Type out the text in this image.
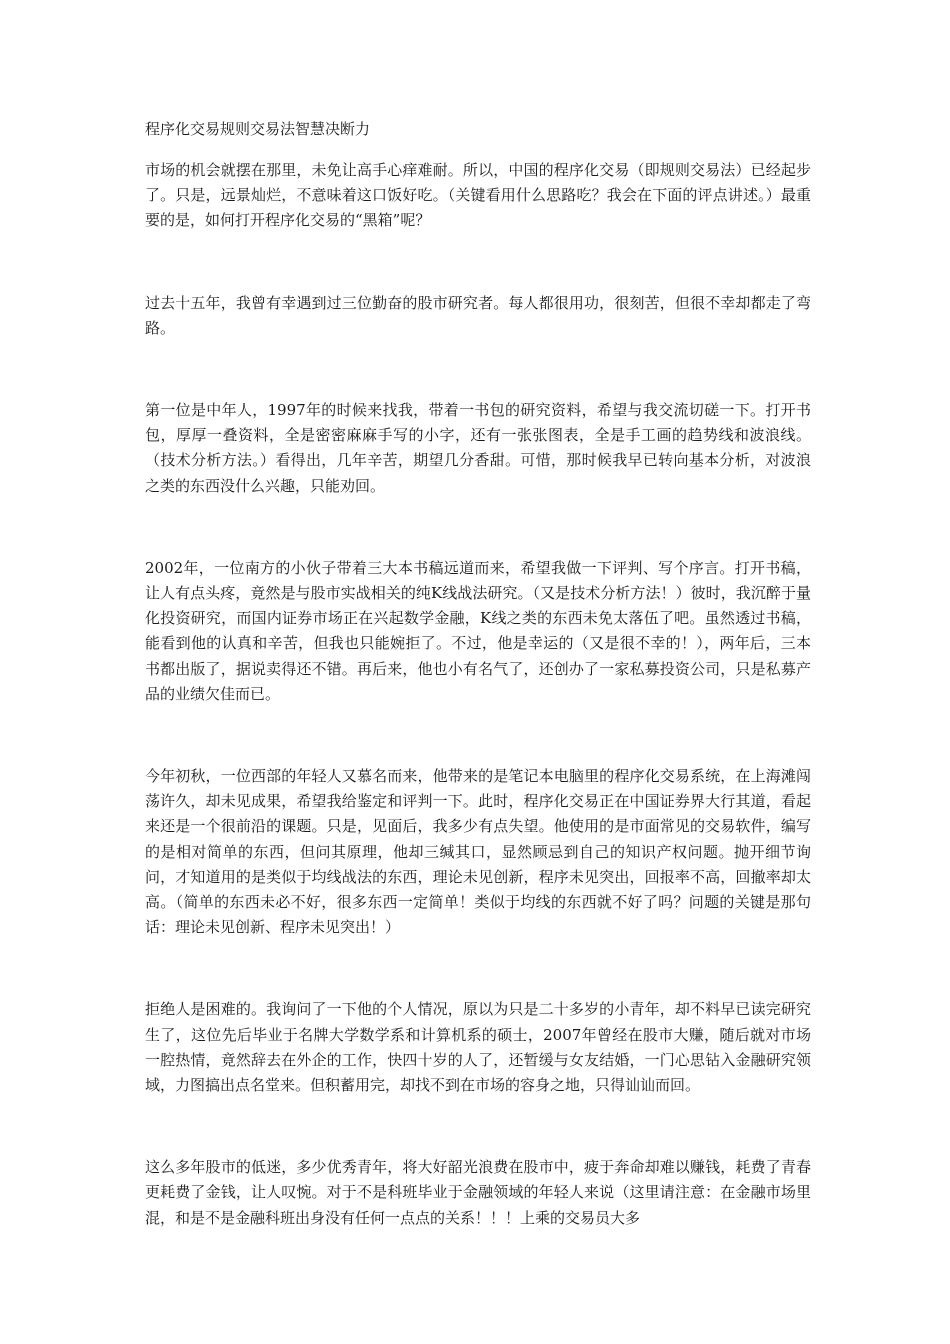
程序化交易规则交易法智慧决断力

市场的机会就摆在那里，未免让高手心痒难耐。所以，中国的程序化交易（即规则交易法）已经起步了。只是，远景灿烂，不意味着这口饭好吃。（关键看用什么思路吃？我会在下面的评点讲述。）最重要的是，如何打开程序化交易的“黑箱”呢？

过去十五年，我曾有幸遇到过三位勤奋的股市研究者。每人都很用功，很刻苦，但很不幸却都走了弯路。

第一位是中年人，1997年的时候来找我，带着一书包的研究资料，希望与我交流切磋一下。打开书包，厚厚一叠资料，全是密密麻麻手写的小字，还有一张张图表，全是手工画的趋势线和波浪线。（技术分析方法。）看得出，几年辛苦，期望几分香甜。可惜，那时候我早已转向基本分析，对波浪之类的东西没什么兴趣，只能劝回。

2002年，一位南方的小伙子带着三大本书稿远道而来，希望我做一下评判、写个序言。打开书稿，让人有点头疼，竟然是与股市实战相关的纯K线战法研究。（又是技术分析方法！）彼时，我沉醉于量化投资研究，而国内证券市场正在兴起数学金融，K线之类的东西未免太落伍了吧。虽然透过书稿，能看到他的认真和辛苦，但我也只能婉拒了。不过，他是幸运的（又是很不幸的！），两年后，三本书都出版了，据说卖得还不错。再后来，他也小有名气了，还创办了一家私募投资公司，只是私募产品的业绩欠佳而已。

今年初秋，一位西部的年轻人又慕名而来，他带来的是笔记本电脑里的程序化交易系统，在上海滩闯荡许久，却未见成果，希望我给鉴定和评判一下。此时，程序化交易正在中国证券界大行其道，看起来还是一个很前沿的课题。只是，见面后，我多少有点失望。他使用的是市面常见的交易软件，编写的是相对简单的东西，但问其原理，他却三缄其口，显然顾忌到自己的知识产权问题。抛开细节询问，才知道用的是类似于均线战法的东西，理论未见创新，程序未见突出，回报率不高，回撤率却太高。（简单的东西未必不好，很多东西一定简单！类似于均线的东西就不好了吗？问题的关键是那句话：理论未见创新、程序未见突出！）

拒绝人是困难的。我询问了一下他的个人情况，原以为只是二十多岁的小青年，却不料早已读完研究生了，这位先后毕业于名牌大学数学系和计算机系的硕士，2007年曾经在股市大赚，随后就对市场一腔热情，竟然辞去在外企的工作，快四十岁的人了，还暂缓与女友结婚，一门心思钻入金融研究领域，力图搞出点名堂来。但积蓄用完，却找不到在市场的容身之地，只得讪讪而回。

这么多年股市的低迷，多少优秀青年，将大好韶光浪费在股市中，疲于奔命却难以赚钱，耗费了青春更耗费了金钱，让人叹惋。对于不是科班毕业于金融领域的年轻人来说（这里请注意：在金融市场里混，和是不是金融科班出身没有任何一点点的关系！！！上乘的交易员大多
